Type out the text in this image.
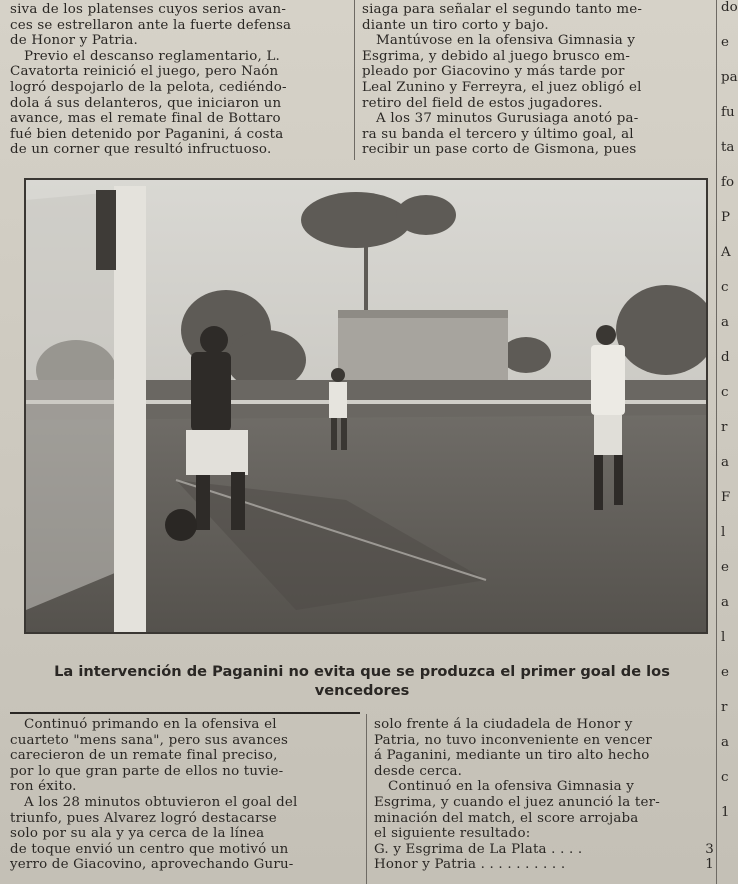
siva de los platenses cuyos serios avan-

ces se estrellaron ante la fuerte defensa

de Honor y Patria.

Previo el descanso reglamentario, L.

Cavatorta reinició el juego, pero Naón

logró despojarlo de la pelota, cediéndo-

dola á sus delanteros, que iniciaron un

avance, mas el remate final de Bottaro

fué bien detenido por Paganini, á costa

de un corner que resultó infructuoso.

siaga para señalar el segundo tanto me-

diante un tiro corto y bajo.

Mantúvose en la ofensiva Gimnasia y

Esgrima, y debido al juego brusco em-

pleado por Giacovino y más tarde por

Leal Zunino y Ferreyra, el juez obligó el

retiro del field de estos jugadores.

A los 37 minutos Gurusiaga anotó pa-

ra su banda el tercero y último goal, al

recibir un pase corto de Gismona, pues

do
e
pa
fu
ta
fo
P
A
c
a
d
c
r
a
F
l
e
a
l
e
r
a
c
1
La intervención de Paganini no evita que se produzca el primer goal de los vencedores

Continuó primando en la ofensiva el

cuarteto "mens sana", pero sus avances

carecieron de un remate final preciso,

por lo que gran parte de ellos no tuvie-

ron éxito.

A los 28 minutos obtuvieron el goal del

triunfo, pues Alvarez logró destacarse

solo por su ala y ya cerca de la línea

de toque envió un centro que motivó un

yerro de Giacovino, aprovechando Guru-

solo frente á la ciudadela de Honor y

Patria, no tuvo inconveniente en vencer

á Paganini, mediante un tiro alto hecho

desde cerca.

Continuó en la ofensiva Gimnasia y

Esgrima, y cuando el juez anunció la ter-

minación del match, el score arrojaba

el siguiente resultado:

G. y Esgrima de La Plata . . . .	3
Honor y Patria . . . . . . . . . .	1
